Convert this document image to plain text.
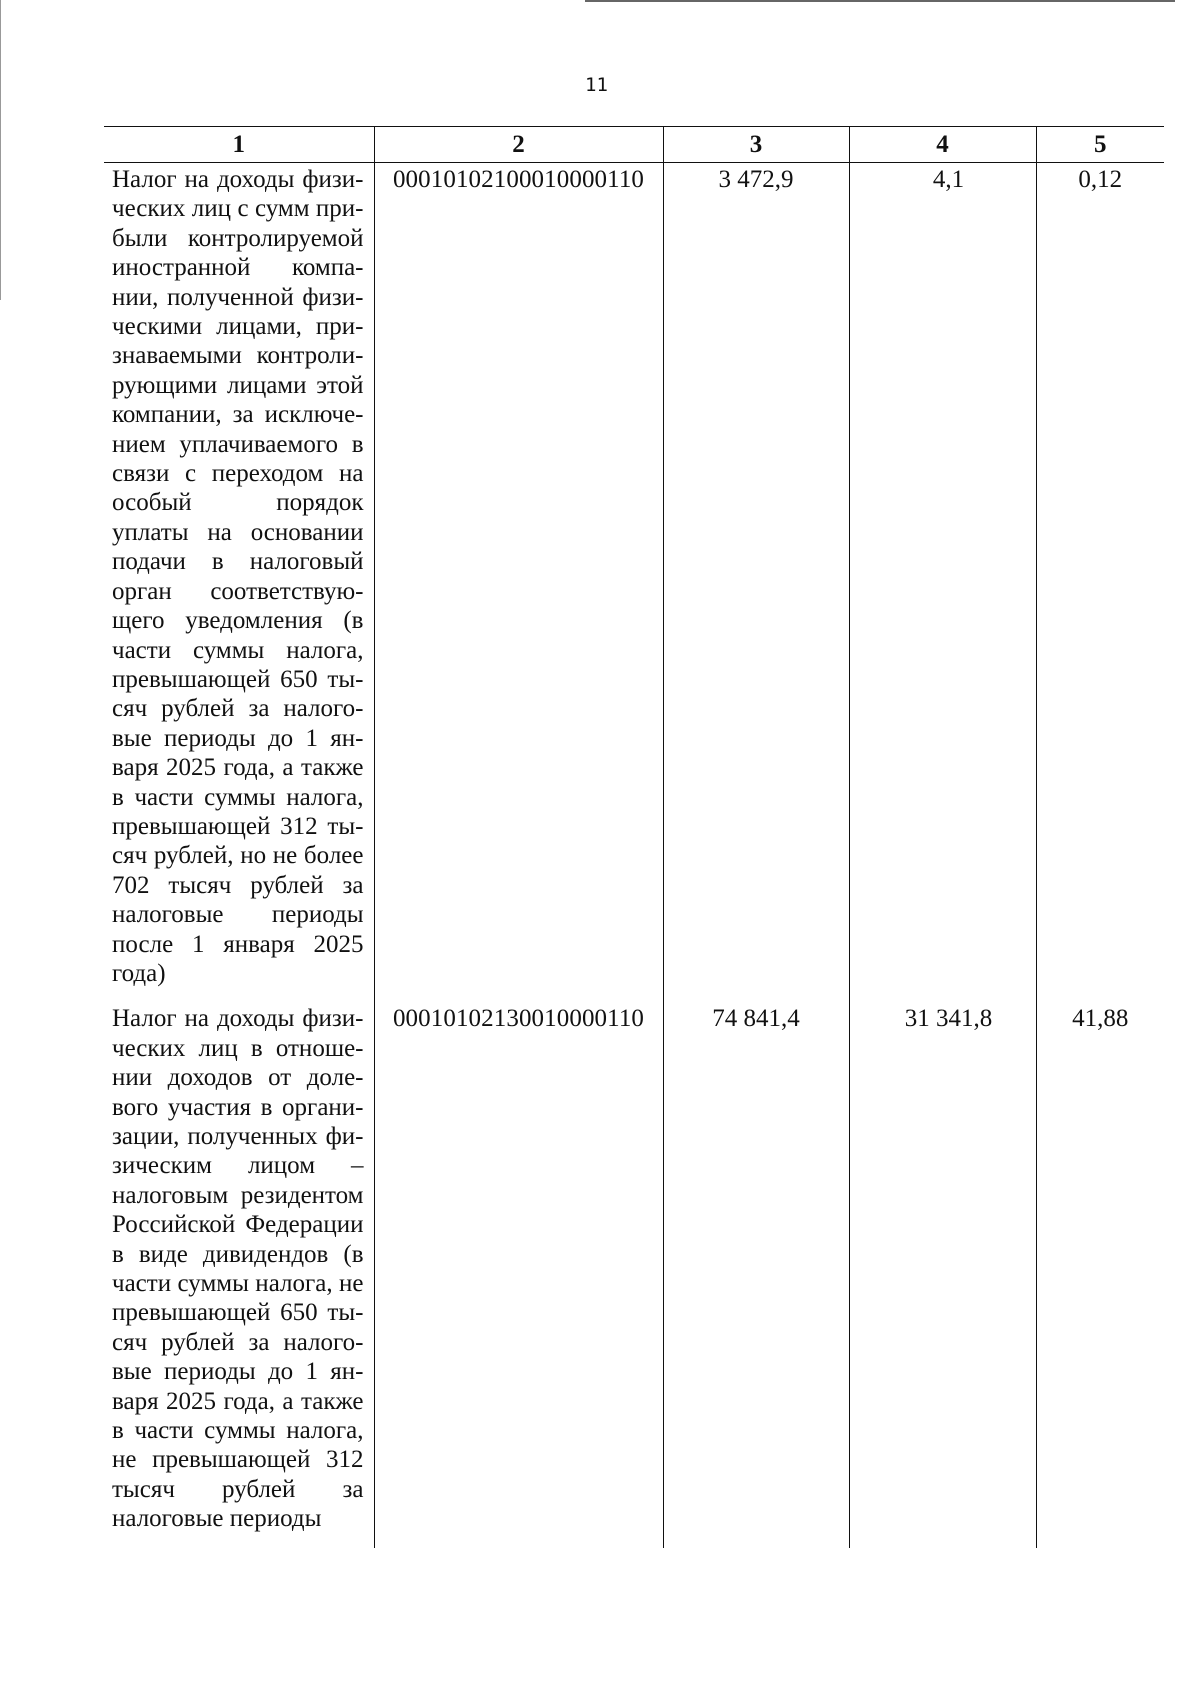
11
1	2	3	4	5
Налог на доходы физических лиц с сумм прибыли контролируемой иностранной компании, полученной физическими лицами, признаваемыми контролирующими лицами этой компании, за исключением уплачиваемого в связи с переходом на особый порядок уплаты на основании подачи в налоговый орган соответствующего уведомления (в части суммы налога, превышающей 650 тысяч рублей за налоговые периоды до 1 января 2025 года, а также в части суммы налога, превышающей 312 тысяч рублей, но не более 702 тысяч рублей за налоговые периоды после 1 января 2025 года)	00010102100010000110	3 472,9	4,1	0,12
Налог на доходы физических лиц в отношении доходов от долевого участия в организации, полученных физическим лицом – налоговым резидентом Российской Федерации в виде дивидендов (в части суммы налога, не превышающей 650 тысяч рублей за налоговые периоды до 1 января 2025 года, а также в части суммы налога, не превышающей 312 тысяч рублей за налоговые периоды	00010102130010000110	74 841,4	31 341,8	41,88
